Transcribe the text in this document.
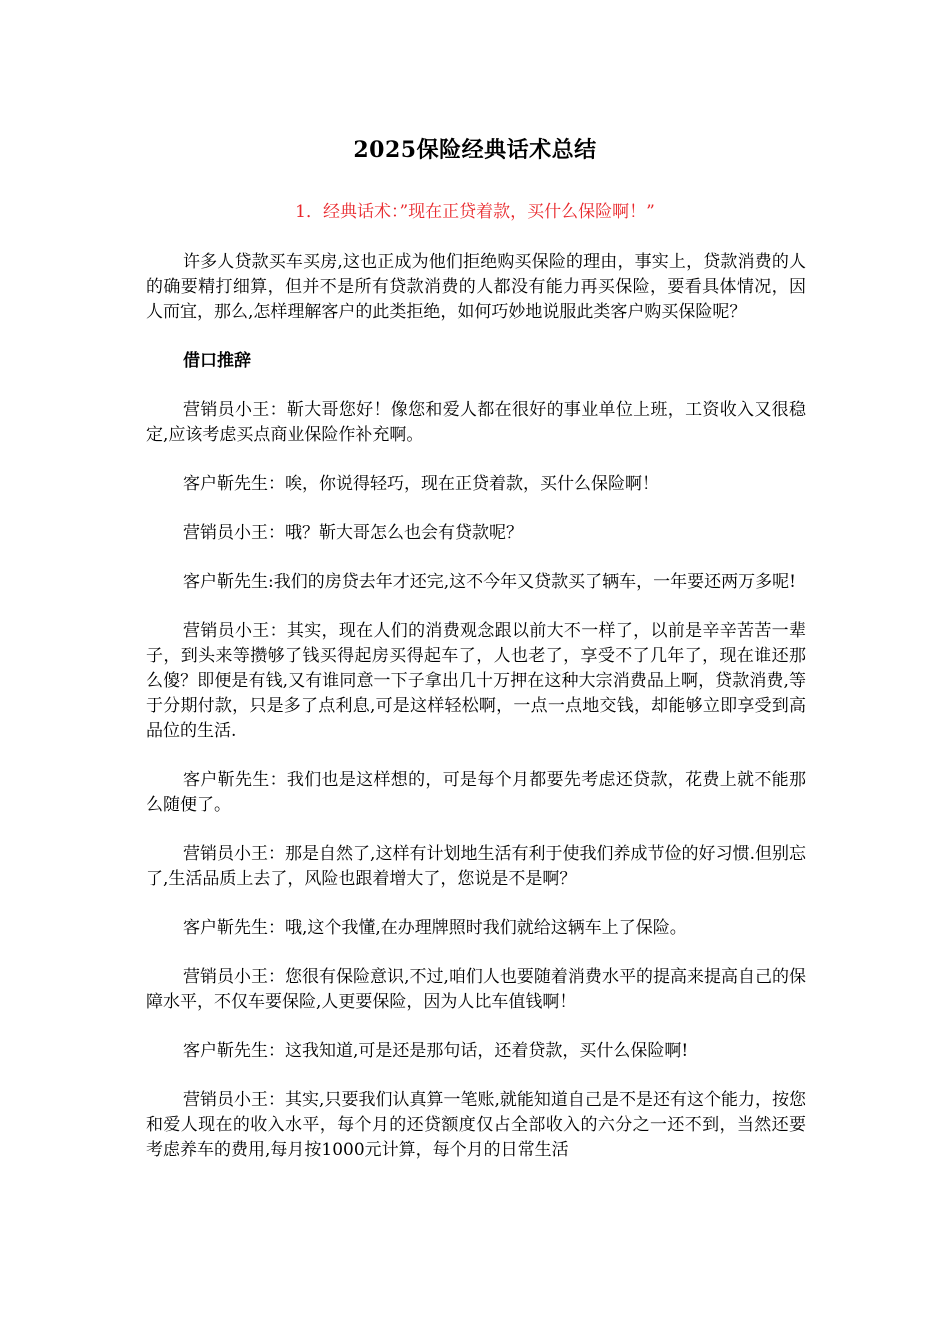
2025保险经典话术总结
1．经典话术：”现在正贷着款，买什么保险啊！”

许多人贷款买车买房,这也正成为他们拒绝购买保险的理由，事实上，贷款消费的人的确要精打细算，但并不是所有贷款消费的人都没有能力再买保险，要看具体情况，因人而宜，那么,怎样理解客户的此类拒绝，如何巧妙地说服此类客户购买保险呢？

借口推辞

营销员小王：靳大哥您好！像您和爱人都在很好的事业单位上班，工资收入又很稳定,应该考虑买点商业保险作补充啊。

客户靳先生：唉，你说得轻巧，现在正贷着款，买什么保险啊！

营销员小王：哦？靳大哥怎么也会有贷款呢？

客户靳先生:我们的房贷去年才还完,这不今年又贷款买了辆车，一年要还两万多呢!

营销员小王：其实，现在人们的消费观念跟以前大不一样了，以前是辛辛苦苦一辈子，到头来等攒够了钱买得起房买得起车了，人也老了，享受不了几年了，现在谁还那么傻？即便是有钱,又有谁同意一下子拿出几十万押在这种大宗消费品上啊，贷款消费,等于分期付款，只是多了点利息,可是这样轻松啊，一点一点地交钱，却能够立即享受到高品位的生活.

客户靳先生：我们也是这样想的，可是每个月都要先考虑还贷款，花费上就不能那么随便了。

营销员小王：那是自然了,这样有计划地生活有利于使我们养成节俭的好习惯.但别忘了,生活品质上去了，风险也跟着增大了，您说是不是啊？

客户靳先生：哦,这个我懂,在办理牌照时我们就给这辆车上了保险。

营销员小王：您很有保险意识,不过,咱们人也要随着消费水平的提高来提高自己的保障水平，不仅车要保险,人更要保险，因为人比车值钱啊！

客户靳先生：这我知道,可是还是那句话，还着贷款，买什么保险啊!

营销员小王：其实,只要我们认真算一笔账,就能知道自己是不是还有这个能力，按您和爱人现在的收入水平，每个月的还贷额度仅占全部收入的六分之一还不到，当然还要考虑养车的费用,每月按1000元计算，每个月的日常生活
